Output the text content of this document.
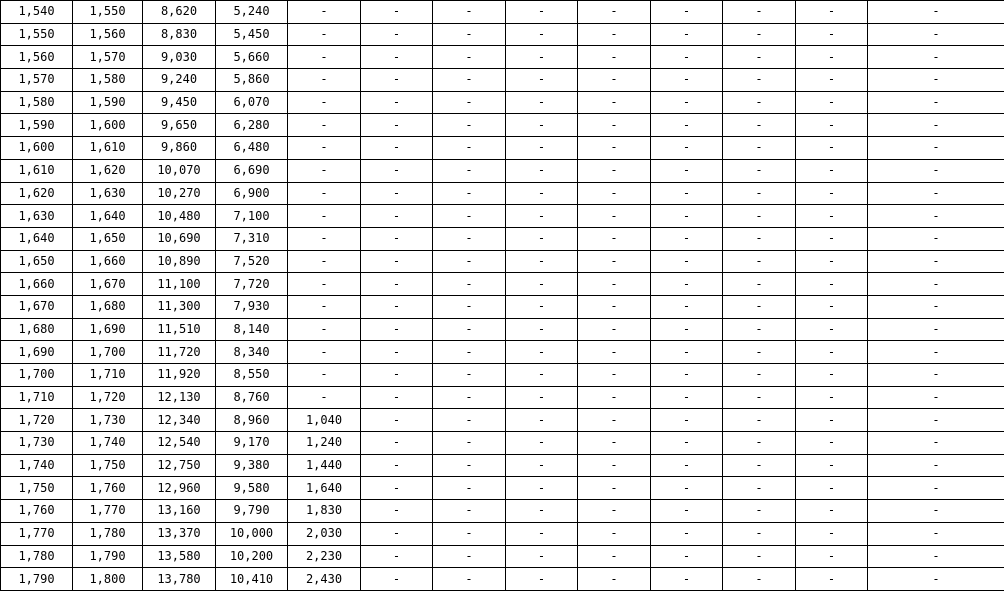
1,540	1,550	8,620	5,240	-	-	-	-	-	-	-	-	-
1,550	1,560	8,830	5,450	-	-	-	-	-	-	-	-	-
1,560	1,570	9,030	5,660	-	-	-	-	-	-	-	-	-
1,570	1,580	9,240	5,860	-	-	-	-	-	-	-	-	-
1,580	1,590	9,450	6,070	-	-	-	-	-	-	-	-	-
1,590	1,600	9,650	6,280	-	-	-	-	-	-	-	-	-
1,600	1,610	9,860	6,480	-	-	-	-	-	-	-	-	-
1,610	1,620	10,070	6,690	-	-	-	-	-	-	-	-	-
1,620	1,630	10,270	6,900	-	-	-	-	-	-	-	-	-
1,630	1,640	10,480	7,100	-	-	-	-	-	-	-	-	-
1,640	1,650	10,690	7,310	-	-	-	-	-	-	-	-	-
1,650	1,660	10,890	7,520	-	-	-	-	-	-	-	-	-
1,660	1,670	11,100	7,720	-	-	-	-	-	-	-	-	-
1,670	1,680	11,300	7,930	-	-	-	-	-	-	-	-	-
1,680	1,690	11,510	8,140	-	-	-	-	-	-	-	-	-
1,690	1,700	11,720	8,340	-	-	-	-	-	-	-	-	-
1,700	1,710	11,920	8,550	-	-	-	-	-	-	-	-	-
1,710	1,720	12,130	8,760	-	-	-	-	-	-	-	-	-
1,720	1,730	12,340	8,960	1,040	-	-	-	-	-	-	-	-
1,730	1,740	12,540	9,170	1,240	-	-	-	-	-	-	-	-
1,740	1,750	12,750	9,380	1,440	-	-	-	-	-	-	-	-
1,750	1,760	12,960	9,580	1,640	-	-	-	-	-	-	-	-
1,760	1,770	13,160	9,790	1,830	-	-	-	-	-	-	-	-
1,770	1,780	13,370	10,000	2,030	-	-	-	-	-	-	-	-
1,780	1,790	13,580	10,200	2,230	-	-	-	-	-	-	-	-
1,790	1,800	13,780	10,410	2,430	-	-	-	-	-	-	-	-
